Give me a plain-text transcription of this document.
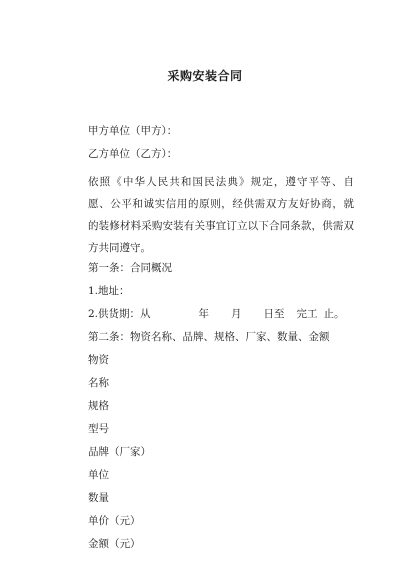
采购安装合同
甲方单位（甲方）：
乙方单位（乙方）：
依照《中华人民共和国民法典》规定，遵守平等、自
愿、公平和诚实信用的原则，经供需双方友好协商，就
的装修材料采购安装有关事宜订立以下合同条款，供需双
方共同遵守。
第一条：合同概况
1.地址：
2.供货期：从	年 月 日至 完工 止。
第二条：物资名称、品牌、规格、厂家、数量、金额
物资
名称
规格
型号
品牌（厂家）
单位
数量
单价（元）
金额（元）
